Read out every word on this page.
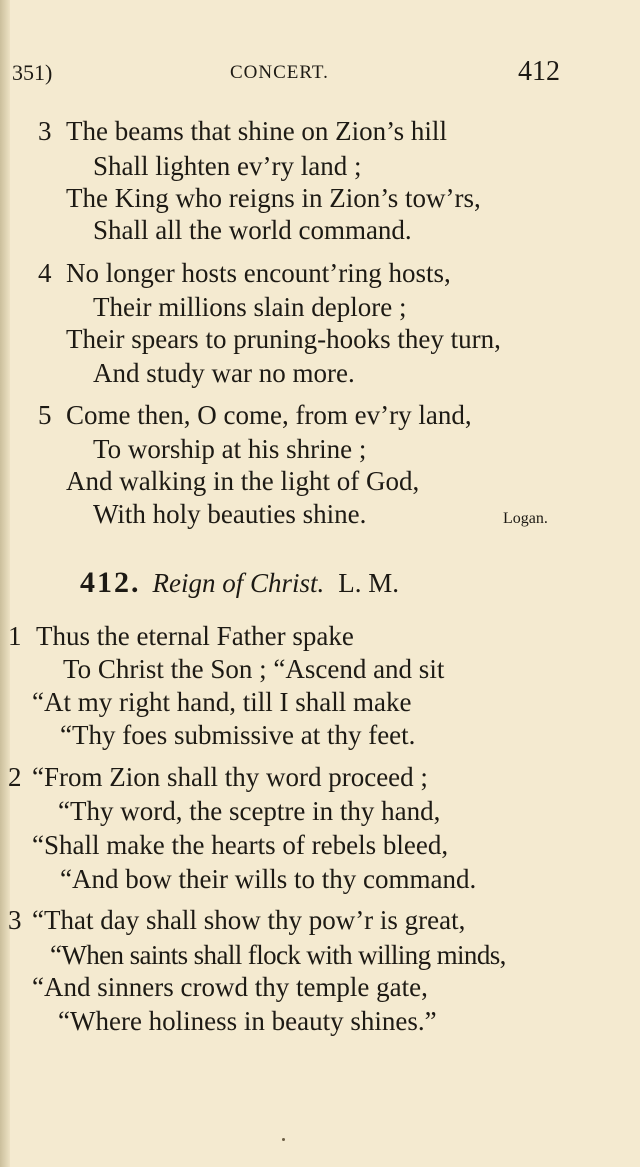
351)	CONCERT.	412
3 The beams that shine on Zion’s hill
Shall lighten ev’ry land ;
The King who reigns in Zion’s tow’rs,
Shall all the world command.
4 No longer hosts encount’ring hosts,
Their millions slain deplore ;
Their spears to pruning-hooks they turn,
And study war no more.
5 Come then, O come, from ev’ry land,
To worship at his shrine ;
And walking in the light of God,
With holy beauties shine.	Logan.
412. Reign of Christ. L. M.
1 Thus the eternal Father spake
To Christ the Son ; “Ascend and sit
“At my right hand, till I shall make
“Thy foes submissive at thy feet.
2 “From Zion shall thy word proceed ;
“Thy word, the sceptre in thy hand,
“Shall make the hearts of rebels bleed,
“And bow their wills to thy command.
3 “That day shall show thy pow’r is great,
“When saints shall flock with willing minds,
“And sinners crowd thy temple gate,
“Where holiness in beauty shines.”
